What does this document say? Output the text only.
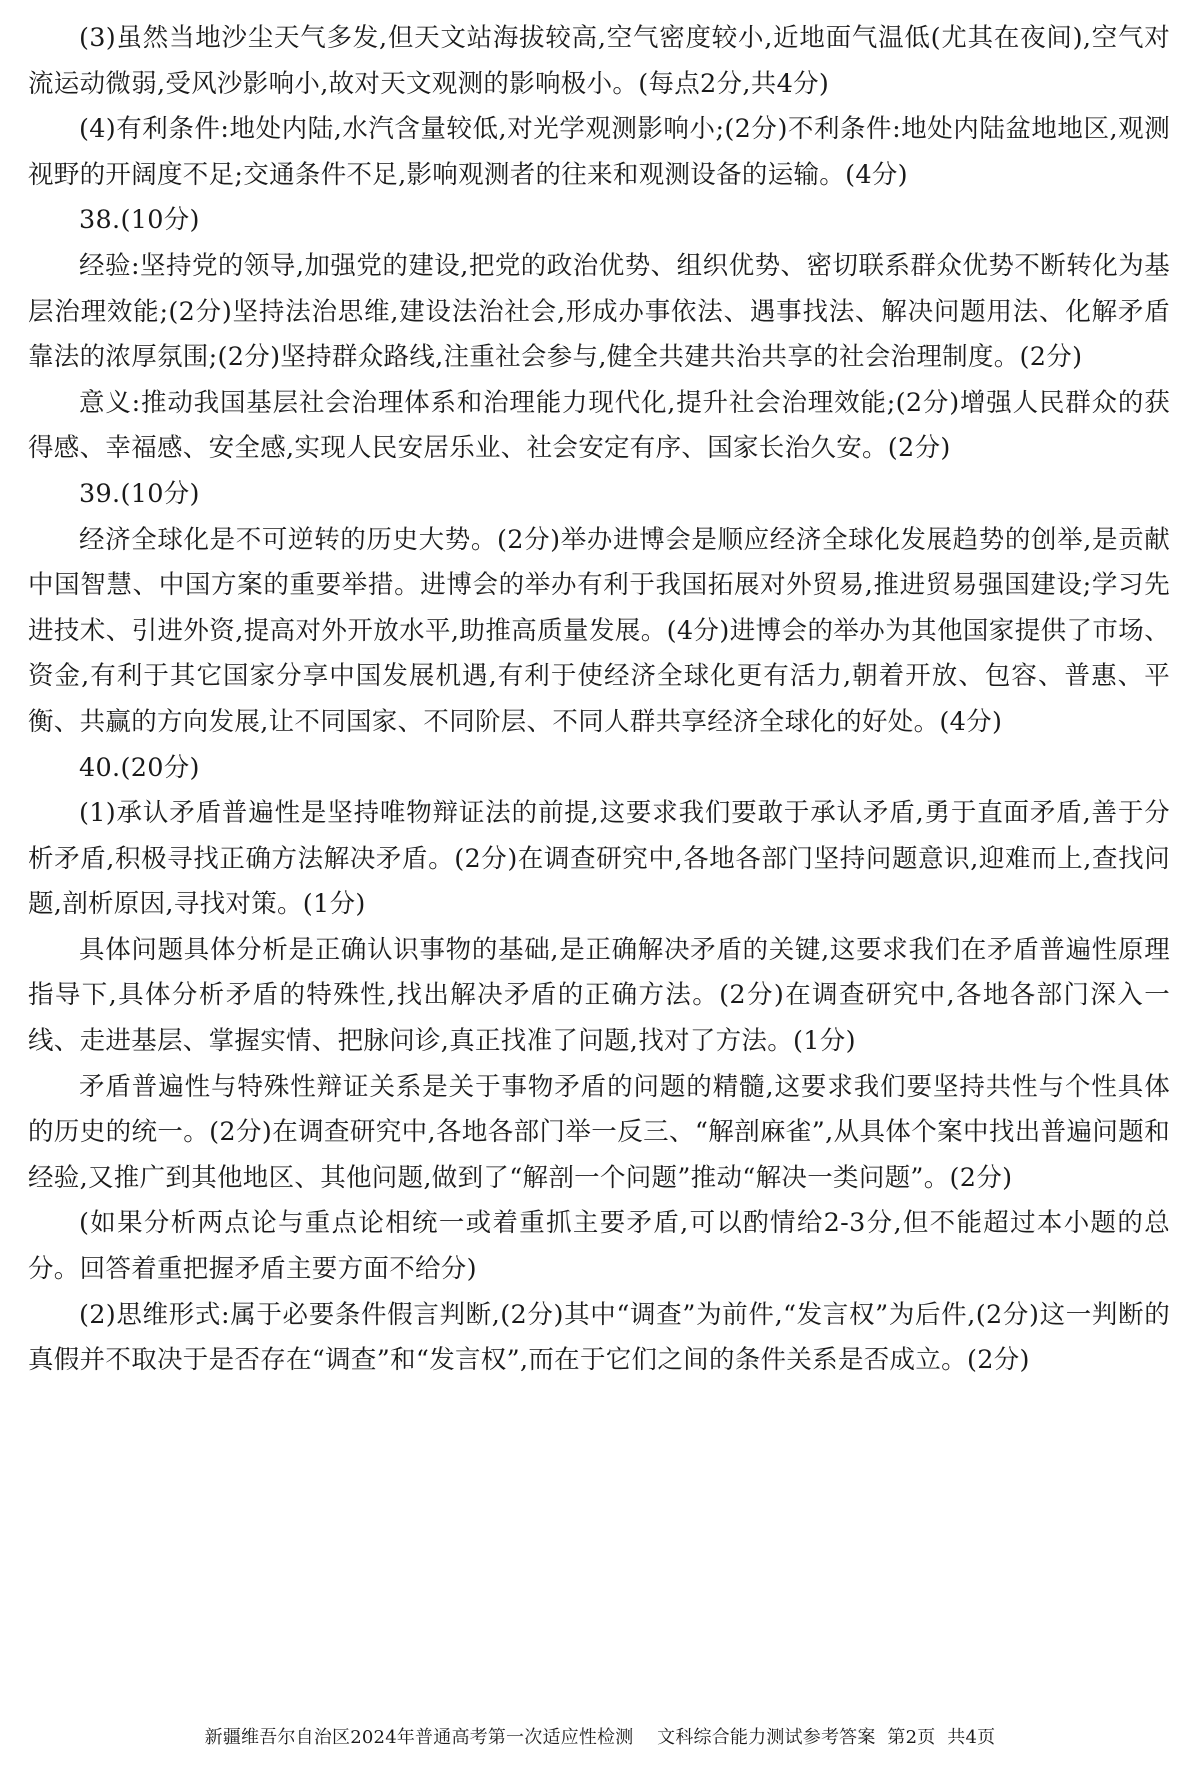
(3)虽然当地沙尘天气多发,但天文站海拔较高,空气密度较小,近地面气温低(尤其在夜间),空气对流运动微弱,受风沙影响小,故对天文观测的影响极小。(每点2分,共4分)

(4)有利条件:地处内陆,水汽含量较低,对光学观测影响小;(2分)不利条件:地处内陆盆地地区,观测视野的开阔度不足;交通条件不足,影响观测者的往来和观测设备的运输。(4分)

38.(10分)

经验:坚持党的领导,加强党的建设,把党的政治优势、组织优势、密切联系群众优势不断转化为基层治理效能;(2分)坚持法治思维,建设法治社会,形成办事依法、遇事找法、解决问题用法、化解矛盾靠法的浓厚氛围;(2分)坚持群众路线,注重社会参与,健全共建共治共享的社会治理制度。(2分)

意义:推动我国基层社会治理体系和治理能力现代化,提升社会治理效能;(2分)增强人民群众的获得感、幸福感、安全感,实现人民安居乐业、社会安定有序、国家长治久安。(2分)

39.(10分)

经济全球化是不可逆转的历史大势。(2分)举办进博会是顺应经济全球化发展趋势的创举,是贡献中国智慧、中国方案的重要举措。进博会的举办有利于我国拓展对外贸易,推进贸易强国建设;学习先进技术、引进外资,提高对外开放水平,助推高质量发展。(4分)进博会的举办为其他国家提供了市场、资金,有利于其它国家分享中国发展机遇,有利于使经济全球化更有活力,朝着开放、包容、普惠、平衡、共赢的方向发展,让不同国家、不同阶层、不同人群共享经济全球化的好处。(4分)

40.(20分)

(1)承认矛盾普遍性是坚持唯物辩证法的前提,这要求我们要敢于承认矛盾,勇于直面矛盾,善于分析矛盾,积极寻找正确方法解决矛盾。(2分)在调查研究中,各地各部门坚持问题意识,迎难而上,查找问题,剖析原因,寻找对策。(1分)

具体问题具体分析是正确认识事物的基础,是正确解决矛盾的关键,这要求我们在矛盾普遍性原理指导下,具体分析矛盾的特殊性,找出解决矛盾的正确方法。(2分)在调查研究中,各地各部门深入一线、走进基层、掌握实情、把脉问诊,真正找准了问题,找对了方法。(1分)

矛盾普遍性与特殊性辩证关系是关于事物矛盾的问题的精髓,这要求我们要坚持共性与个性具体的历史的统一。(2分)在调查研究中,各地各部门举一反三、“解剖麻雀”,从具体个案中找出普遍问题和经验,又推广到其他地区、其他问题,做到了“解剖一个问题”推动“解决一类问题”。(2分)

(如果分析两点论与重点论相统一或着重抓主要矛盾,可以酌情给2-3分,但不能超过本小题的总分。回答着重把握矛盾主要方面不给分)

(2)思维形式:属于必要条件假言判断,(2分)其中“调查”为前件,“发言权”为后件,(2分)这一判断的真假并不取决于是否存在“调查”和“发言权”,而在于它们之间的条件关系是否成立。(2分)

新疆维吾尔自治区2024年普通高考第一次适应性检测 文科综合能力测试参考答案 第2页 共4页
